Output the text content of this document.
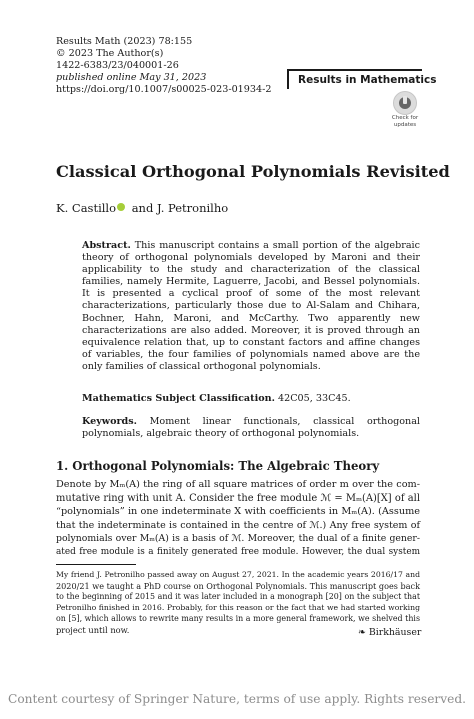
Results Math (2023) 78:155
© 2023 The Author(s)
1422-6383/23/040001-26
published online May 31, 2023
https://doi.org/10.1007/s00025-023-01934-2
Results in Mathematics
Check for
updates
Classical Orthogonal Polynomials Revisited
K. Castillo and J. Petronilho
Abstract. This manuscript contains a small portion of the algebraic theory of orthogonal polynomials developed by Maroni and their applicability to the study and characterization of the classical families, namely Hermite, Laguerre, Jacobi, and Bessel polynomials. It is presented a cyclical proof of some of the most relevant characterizations, particularly those due to Al-Salam and Chihara, Bochner, Hahn, Maroni, and McCarthy. Two apparently new characterizations are also added. Moreover, it is proved through an equivalence relation that, up to constant factors and affine changes of variables, the four families of polynomials named above are the only families of classical orthogonal polynomials.
Mathematics Subject Classification. 42C05, 33C45.
Keywords. Moment linear functionals, classical orthogonal polynomials, algebraic theory of orthogonal polynomials.
1. Orthogonal Polynomials: The Algebraic Theory
Denote by Mₘ(A) the ring of all square matrices of order m over the com-
mutative ring with unit A. Consider the free module ℳ = Mₘ(A)[X] of all
“polynomials” in one indeterminate X with coefficients in Mₘ(A). (Assume
that the indeterminate is contained in the centre of ℳ.) Any free system of
polynomials over Mₘ(A) is a basis of ℳ. Moreover, the dual of a finite gener-
ated free module is a finitely generated free module. However, the dual system
My friend J. Petronilho passed away on August 27, 2021. In the academic years 2016/17 and
2020/21 we taught a PhD course on Orthogonal Polynomials. This manuscript goes back
to the beginning of 2015 and it was later included in a monograph [20] on the subject that
Petronilho finished in 2016. Probably, for this reason or the fact that we had started working
on [5], which allows to rewrite many results in a more general framework, we shelved this
project until now.	❧ Birkhäuser
Content courtesy of Springer Nature, terms of use apply. Rights reserved.
